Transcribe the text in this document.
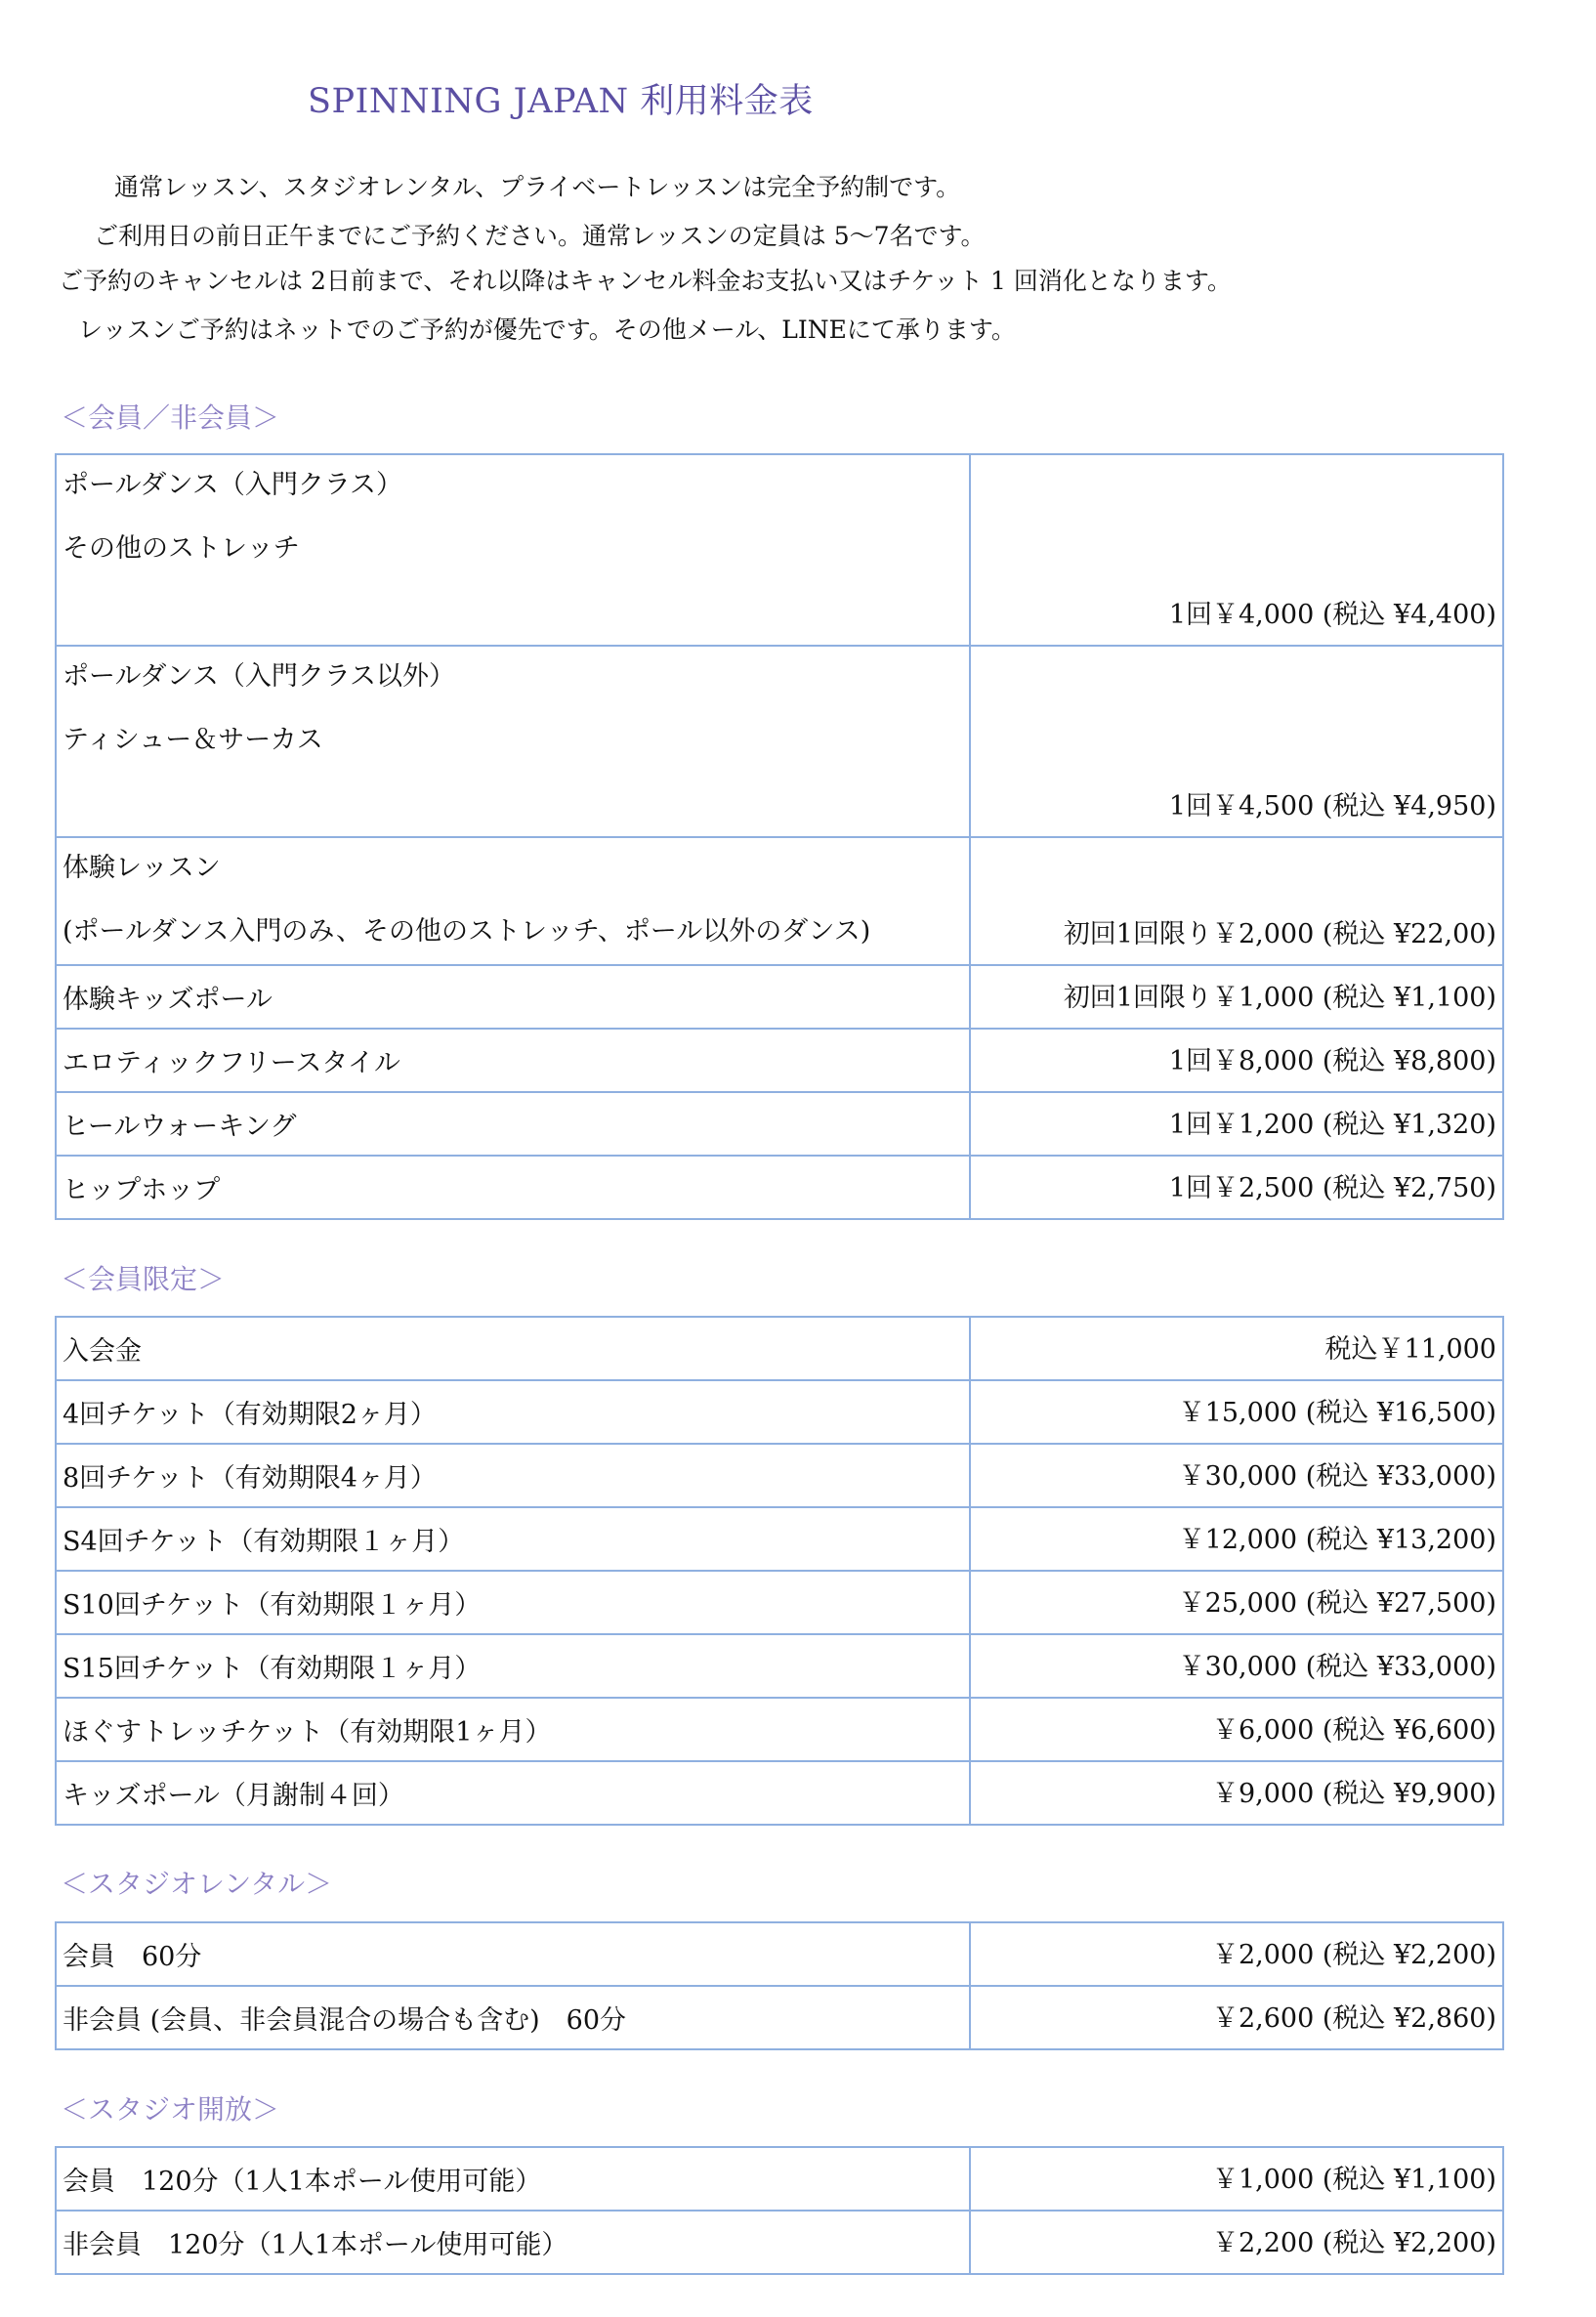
SPINNING JAPAN 利用料金表
通常レッスン、スタジオレンタル、プライベートレッスンは完全予約制です。
ご利用日の前日正午までにご予約ください。通常レッスンの定員は 5〜7名です。
ご予約のキャンセルは 2日前まで、それ以降はキャンセル料金お支払い又はチケット 1 回消化となります。
レッスンご予約はネットでのご予約が優先です。その他メール、LINEにて承ります。
＜会員／非会員＞
ポールダンス（入門クラス）
その他のストレッチ	1回￥4,000 (税込 ¥4,400)

ポールダンス（入門クラス以外）
ティシュー＆サーカス	1回￥4,500 (税込 ¥4,950)

体験レッスン
(ポールダンス入門のみ、その他のストレッチ、ポール以外のダンス)	初回1回限り￥2,000 (税込 ¥22,00)
体験キッズポール	初回1回限り￥1,000 (税込 ¥1,100)
エロティックフリースタイル	1回￥8,000 (税込 ¥8,800)
ヒールウォーキング	1回￥1,200 (税込 ¥1,320)
ヒップホップ	1回￥2,500 (税込 ¥2,750)
＜会員限定＞
入会金	税込￥11,000
4回チケット（有効期限2ヶ月）	￥15,000 (税込 ¥16,500)
8回チケット（有効期限4ヶ月）	￥30,000 (税込 ¥33,000)
S4回チケット（有効期限１ヶ月）	￥12,000 (税込 ¥13,200)
S10回チケット（有効期限１ヶ月）	￥25,000 (税込 ¥27,500)
S15回チケット（有効期限１ヶ月）	￥30,000 (税込 ¥33,000)
ほぐすトレッチケット（有効期限1ヶ月）	￥6,000 (税込 ¥6,600)
キッズポール（月謝制４回）	￥9,000 (税込 ¥9,900)
＜スタジオレンタル＞
会員　60分	￥2,000 (税込 ¥2,200)
非会員 (会員、非会員混合の場合も含む)　60分	￥2,600 (税込 ¥2,860)
＜スタジオ開放＞
会員　120分（1人1本ポール使用可能）	￥1,000 (税込 ¥1,100)
非会員　120分（1人1本ポール使用可能）	￥2,200 (税込 ¥2,200)
